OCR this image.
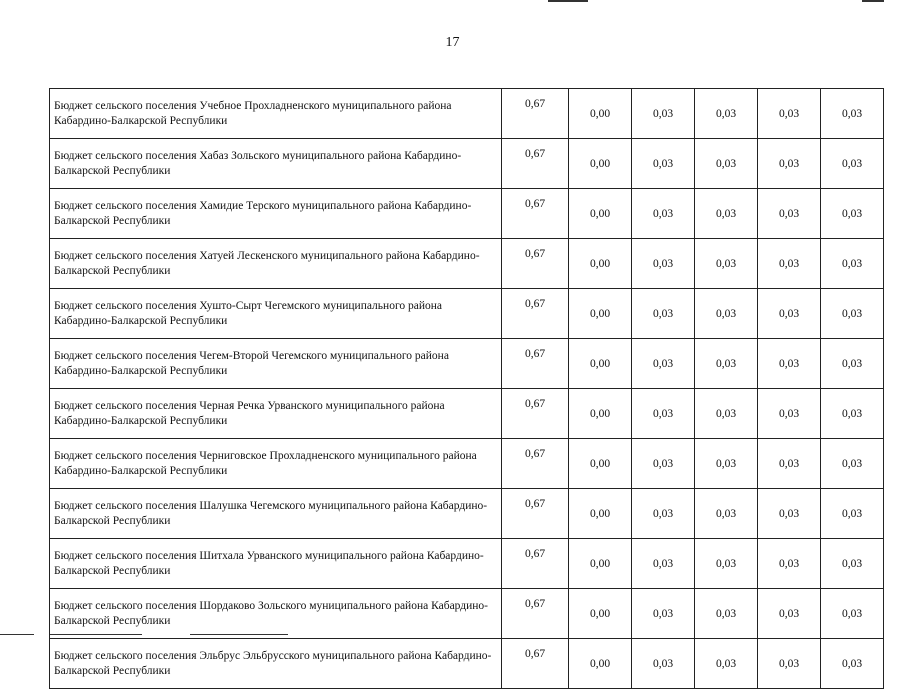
17
Бюджет сельского поселения Учебное Прохладненского муниципального района Кабардино-Балкарской Республики	0,67	0,00	0,03	0,03	0,03	0,03
Бюджет сельского поселения Хабаз Зольского муниципального района Кабардино-Балкарской Республики	0,67	0,00	0,03	0,03	0,03	0,03
Бюджет сельского поселения Хамидие Терского муниципального района Кабардино-Балкарской Республики	0,67	0,00	0,03	0,03	0,03	0,03
Бюджет сельского поселения Хатуей Лескенского муниципального района Кабардино-Балкарской Республики	0,67	0,00	0,03	0,03	0,03	0,03
Бюджет сельского поселения Хушто-Сырт Чегемского муниципального района Кабардино-Балкарской Республики	0,67	0,00	0,03	0,03	0,03	0,03
Бюджет сельского поселения Чегем-Второй Чегемского муниципального района Кабардино-Балкарской Республики	0,67	0,00	0,03	0,03	0,03	0,03
Бюджет сельского поселения Черная Речка Урванского муниципального района Кабардино-Балкарской Республики	0,67	0,00	0,03	0,03	0,03	0,03
Бюджет сельского поселения Черниговское Прохладненского муниципального района Кабардино-Балкарской Республики	0,67	0,00	0,03	0,03	0,03	0,03
Бюджет сельского поселения Шалушка Чегемского муниципального района Кабардино-Балкарской Республики	0,67	0,00	0,03	0,03	0,03	0,03
Бюджет сельского поселения Шитхала Урванского муниципального района Кабардино-Балкарской Республики	0,67	0,00	0,03	0,03	0,03	0,03
Бюджет сельского поселения Шордаково Зольского муниципального района Кабардино-Балкарской Республики	0,67	0,00	0,03	0,03	0,03	0,03
Бюджет сельского поселения Эльбрус Эльбрусского муниципального района Кабардино-Балкарской Республики	0,67	0,00	0,03	0,03	0,03	0,03
